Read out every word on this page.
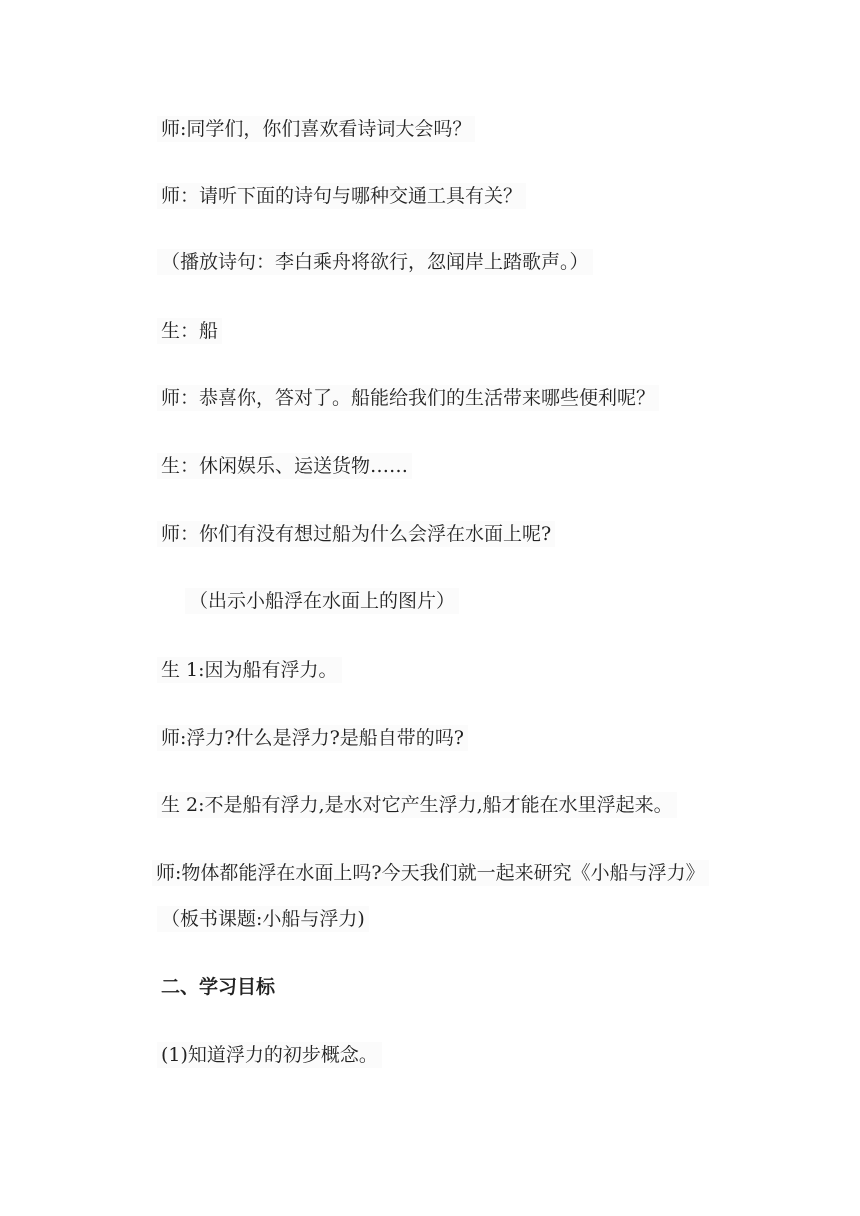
师:同学们，你们喜欢看诗词大会吗？
师：请听下面的诗句与哪种交通工具有关？
（播放诗句：李白乘舟将欲行，忽闻岸上踏歌声。）
生：船
师：恭喜你，答对了。船能给我们的生活带来哪些便利呢？
生：休闲娱乐、运送货物……
师：你们有没有想过船为什么会浮在水面上呢?
（出示小船浮在水面上的图片）
生 1:因为船有浮力。
师:浮力?什么是浮力?是船自带的吗?
生 2:不是船有浮力,是水对它产生浮力,船才能在水里浮起来。
师:物体都能浮在水面上吗?今天我们就一起来研究《小船与浮力》
（板书课题:小船与浮力)
二、学习目标
(1)知道浮力的初步概念。
